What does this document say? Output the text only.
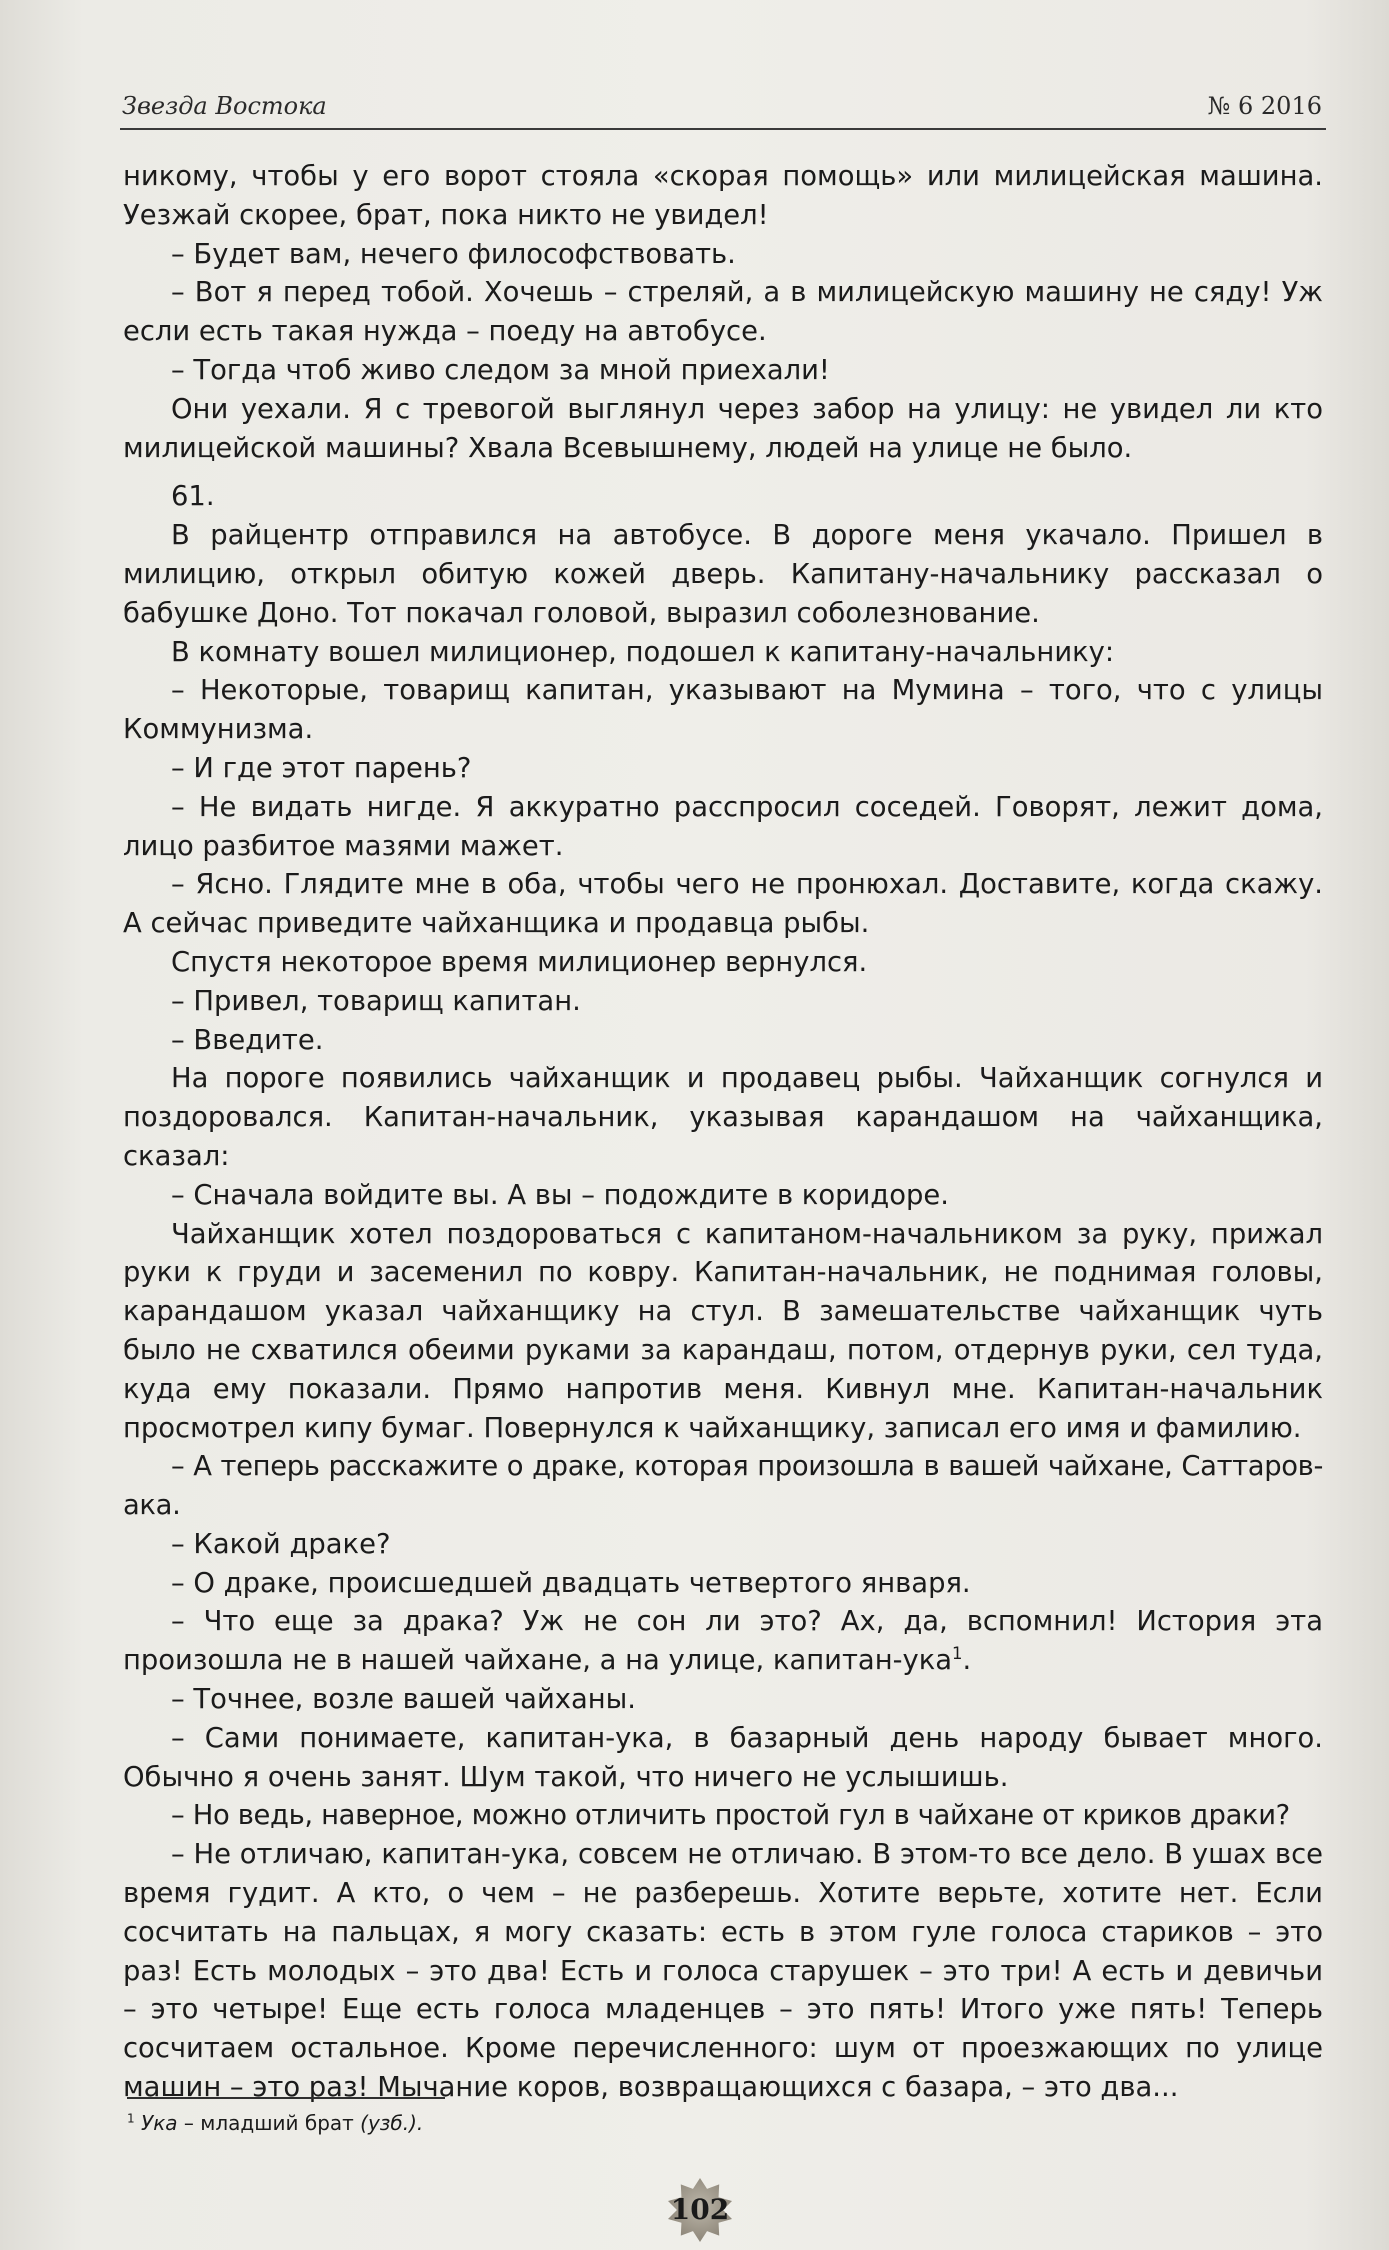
Звезда Востока	№ 6 2016

никому, чтобы у его ворот стояла «скорая помощь» или милицейская машина. Уезжай скорее, брат, пока никто не увидел!

– Будет вам, нечего философствовать.

– Вот я перед тобой. Хочешь – стреляй, а в милицейскую машину не сяду! Уж если есть такая нужда – поеду на автобусе.

– Тогда чтоб живо следом за мной приехали!

Они уехали. Я с тревогой выглянул через забор на улицу: не увидел ли кто милицейской машины? Хвала Всевышнему, людей на улице не было.

61.

В райцентр отправился на автобусе. В дороге меня укачало. Пришел в милицию, открыл обитую кожей дверь. Капитану-начальнику рассказал о бабушке Доно. Тот покачал головой, выразил соболезнование.

В комнату вошел милиционер, подошел к капитану-начальнику:

– Некоторые, товарищ капитан, указывают на Мумина – того, что с улицы Коммунизма.

– И где этот парень?

– Не видать нигде. Я аккуратно расспросил соседей. Говорят, лежит дома, лицо разбитое мазями мажет.

– Ясно. Глядите мне в оба, чтобы чего не пронюхал. Доставите, когда скажу. А сейчас приведите чайханщика и продавца рыбы.

Спустя некоторое время милиционер вернулся.

– Привел, товарищ капитан.

– Введите.

На пороге появились чайханщик и продавец рыбы. Чайханщик согнулся и поздоровался. Капитан-начальник, указывая карандашом на чайханщика, сказал:

– Сначала войдите вы. А вы – подождите в коридоре.

Чайханщик хотел поздороваться с капитаном-начальником за руку, прижал руки к груди и засеменил по ковру. Капитан-начальник, не поднимая головы, карандашом указал чайханщику на стул. В замешательстве чайханщик чуть было не схватился обеими руками за карандаш, потом, отдернув руки, сел туда, куда ему показали. Прямо напротив меня. Кивнул мне. Капитан-начальник просмотрел кипу бумаг. Повернулся к чайханщику, записал его имя и фамилию.

– А теперь расскажите о драке, которая произошла в вашей чайхане, Саттаров-ака.

– Какой драке?

– О драке, происшедшей двадцать четвертого января.

– Что еще за драка? Уж не сон ли это? Ах, да, вспомнил! История эта произошла не в нашей чайхане, а на улице, капитан-ука$^1$.

– Точнее, возле вашей чайханы.

– Сами понимаете, капитан-ука, в базарный день народу бывает много. Обычно я очень занят. Шум такой, что ничего не услышишь.

– Но ведь, наверное, можно отличить простой гул в чайхане от криков драки?

– Не отличаю, капитан-ука, совсем не отличаю. В этом-то все дело. В ушах все время гудит. А кто, о чем – не разберешь. Хотите верьте, хотите нет. Если сосчитать на пальцах, я могу сказать: есть в этом гуле голоса стариков – это раз! Есть молодых – это два! Есть и голоса старушек – это три! А есть и девичьи – это четыре! Еще есть голоса младенцев – это пять! Итого уже пять! Теперь сосчитаем остальное. Кроме перечисленного: шум от проезжающих по улице машин – это раз! Мычание коров, возвращающихся с базара, – это два...

$^1$ Ука – младший брат (узб.).
102
